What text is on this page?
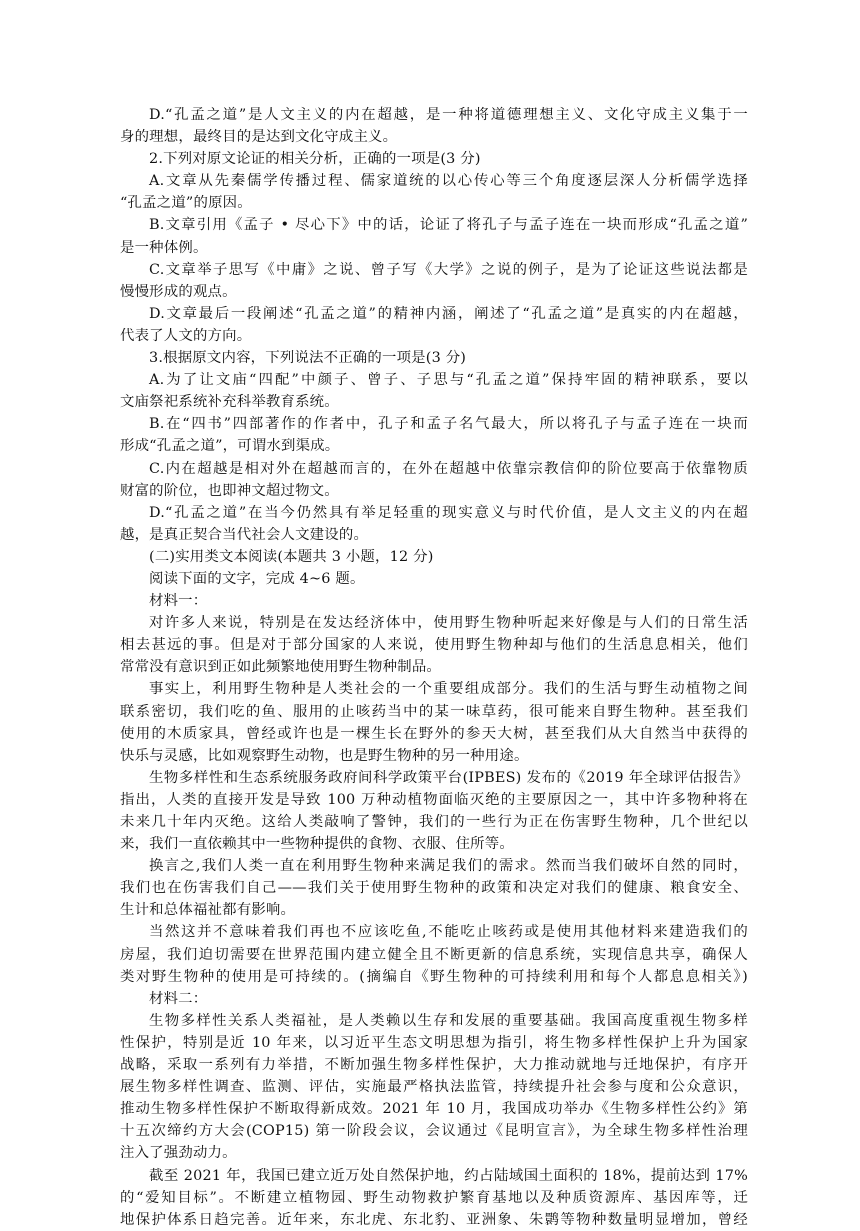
D.“孔孟之道”是人文主义的内在超越，是一种将道德理想主义、文化守成主义集于一
身的理想，最终目的是达到文化守成主义。
2.下列对原文论证的相关分析，正确的一项是(3 分)
A.文章从先秦儒学传播过程、儒家道统的以心传心等三个角度逐层深人分析儒学选择
“孔孟之道”的原因。
B.文章引用《孟子 • 尽心下》中的话，论证了将孔子与孟子连在一块而形成“孔孟之道”
是一种体例。
C.文章举子思写《中庸》之说、曾子写《大学》之说的例子，是为了论证这些说法都是
慢慢形成的观点。
D.文章最后一段阐述“孔孟之道”的精神内涵，阐述了“孔孟之道”是真实的内在超越，
代表了人文的方向。
3.根据原文内容，下列说法不正确的一项是(3 分)
A.为了让文庙“四配”中颜子、曾子、子思与“孔孟之道”保持牢固的精神联系，要以
文庙祭祀系统补充科举教育系统。
B.在“四书”四部著作的作者中，孔子和孟子名气最大，所以将孔子与孟子连在一块而
形成“孔孟之道”，可谓水到渠成。
C.内在超越是相对外在超越而言的，在外在超越中依靠宗教信仰的阶位要高于依靠物质
财富的阶位，也即神文超过物文。
D.“孔孟之道”在当今仍然具有举足轻重的现实意义与时代价值，是人文主义的内在超
越，是真正契合当代社会人文建设的。
(二)实用类文本阅读(本题共 3 小题，12 分)
阅读下面的文字，完成 4~6 题。
材料一：
对许多人来说，特别是在发达经济体中，使用野生物种听起来好像是与人们的日常生活
相去甚远的事。但是对于部分国家的人来说，使用野生物种却与他们的生活息息相关，他们
常常没有意识到正如此频繁地使用野生物种制品。
事实上，利用野生物种是人类社会的一个重要组成部分。我们的生活与野生动植物之间
联系密切，我们吃的鱼、服用的止咳药当中的某一味草药，很可能来自野生物种。甚至我们
使用的木质家具，曾经或许也是一棵生长在野外的参天大树，甚至我们从大自然当中获得的
快乐与灵感，比如观察野生动物，也是野生物种的另一种用途。
生物多样性和生态系统服务政府间科学政策平台(IPBES) 发布的《2019 年全球评估报告》
指出，人类的直接开发是导致 100 万种动植物面临灭绝的主要原因之一，其中许多物种将在
未来几十年内灭绝。这给人类敲响了警钟，我们的一些行为正在伤害野生物种，几个世纪以
来，我们一直依赖其中一些物种提供的食物、衣服、住所等。
换言之,我们人类一直在利用野生物种来满足我们的需求。然而当我们破坏自然的同时，
我们也在伤害我们自己——我们关于使用野生物种的政策和决定对我们的健康、粮食安全、
生计和总体福祉都有影响。
当然这并不意味着我们再也不应该吃鱼,不能吃止咳药或是使用其他材料来建造我们的
房屋，我们迫切需要在世界范围内建立健全且不断更新的信息系统，实现信息共享，确保人
类对野生物种的使用是可持续的。(摘编自《野生物种的可持续利用和每个人都息息相关》)
材料二：
生物多样性关系人类福祉，是人类赖以生存和发展的重要基础。我国高度重视生物多样
性保护，特别是近 10 年来，以习近平生态文明思想为指引，将生物多样性保护上升为国家
战略，采取一系列有力举措，不断加强生物多样性保护，大力推动就地与迁地保护，有序开
展生物多样性调查、监测、评估，实施最严格执法监管，持续提升社会参与度和公众意识，
推动生物多样性保护不断取得新成效。2021 年 10 月，我国成功举办《生物多样性公约》第
十五次缔约方大会(COP15) 第一阶段会议，会议通过《昆明宣言》，为全球生物多样性治理
注入了强劲动力。
截至 2021 年，我国已建立近万处自然保护地，约占陆域国土面积的 18%，提前达到 17%
的“爱知目标”。不断建立植物园、野生动物救护繁育基地以及种质资源库、基因库等，迁
地保护体系日趋完善。近年来，东北虎、东北豹、亚洲象、朱鹮等物种数量明显增加，曾经
